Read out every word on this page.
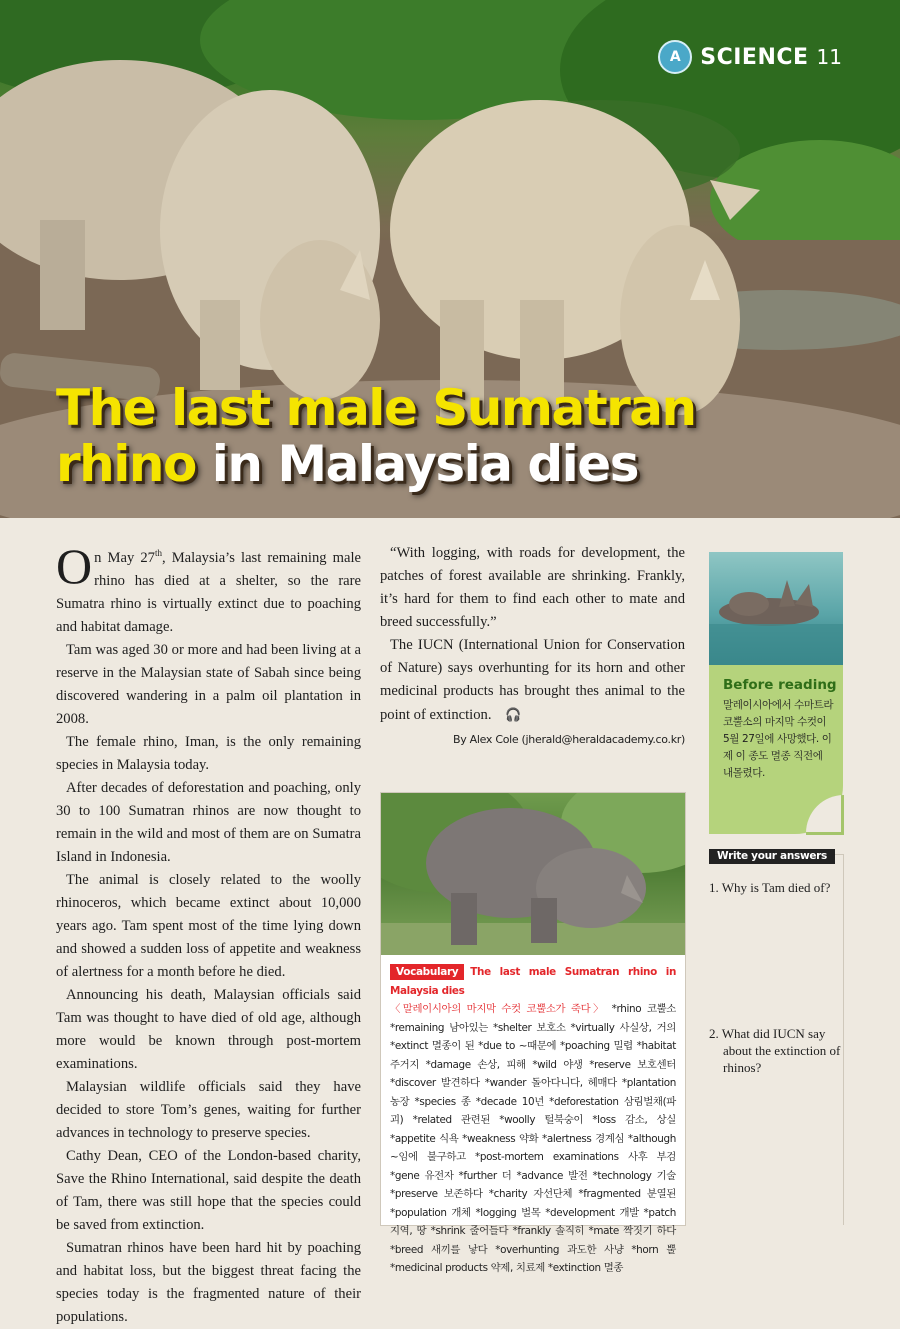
A SCIENCE 11
The last male Sumatran
rhino in Malaysia dies

On May 27th, Malaysia’s last remaining male rhino has died at a shelter, so the rare Sumatra rhino is virtually extinct due to poaching and habitat damage.

Tam was aged 30 or more and had been living at a reserve in the Malaysian state of Sabah since being discovered wandering in a palm oil plantation in 2008.

The female rhino, Iman, is the only remaining species in Malaysia today.

After decades of deforestation and poaching, only 30 to 100 Sumatran rhinos are now thought to remain in the wild and most of them are on Sumatra Island in Indonesia.

The animal is closely related to the woolly rhinoceros, which became extinct about 10,000 years ago. Tam spent most of the time lying down and showed a sudden loss of appetite and weakness of alertness for a month before he died.

Announcing his death, Malaysian officials said Tam was thought to have died of old age, although more would be known through post-mortem examinations.

Malaysian wildlife officials said they have decided to store Tom’s genes, waiting for further advances in technology to preserve species.

Cathy Dean, CEO of the London-based charity, Save the Rhino International, said despite the death of Tam, there was still hope that the species could be saved from extinction.

Sumatran rhinos have been hard hit by poaching and habitat loss, but the biggest threat facing the species today is the fragmented nature of their populations.

“With logging, with roads for development, the patches of forest available are shrinking. Frankly, it’s hard for them to find each other to mate and breed successfully.”

The IUCN (International Union for Conservation of Nature) says overhunting for its horn and other medicinal products has brought thes animal to the point of extinction. 🎧

By Alex Cole (jherald@heraldacademy.co.kr)
Vocabulary The last male Sumatran rhino in Malaysia dies
〈말레이시아의 마지막 수컷 코뿔소가 죽다〉 *rhino 코뿔소 *remaining 남아있는 *shelter 보호소 *virtually 사실상, 거의 *extinct 멸종이 된 *due to ~때문에 *poaching 밀렵 *habitat 주거지 *damage 손상, 피해 *wild 야생 *reserve 보호센터 *discover 발견하다 *wander 돌아다니다, 헤매다 *plantation 농장 *species 종 *decade 10년 *deforestation 삼림벌채(파괴) *related 관련된 *woolly 털북숭이 *loss 감소, 상실 *appetite 식욕 *weakness 약화 *alertness 경계심 *although ~임에 불구하고 *post-mortem examinations 사후 부검 *gene 유전자 *further 더 *advance 발전 *technology 기술 *preserve 보존하다 *charity 자선단체 *fragmented 분열된 *population 개체 *logging 벌목 *development 개발 *patch 지역, 땅 *shrink 줄어들다 *frankly 솔직히 *mate 짝짓기 하다 *breed 새끼를 낳다 *overhunting 과도한 사냥 *horn 뿔 *medicinal products 약제, 치료제 *extinction 멸종
Before reading
말레이시아에서 수마트라 코뿔소의 마지막 수컷이 5월 27일에 사망했다. 이제 이 종도 멸종 직전에 내몰렸다.
Write your answers
1. Why is Tam died of?
2. What did IUCN say about the extinction of rhinos?
